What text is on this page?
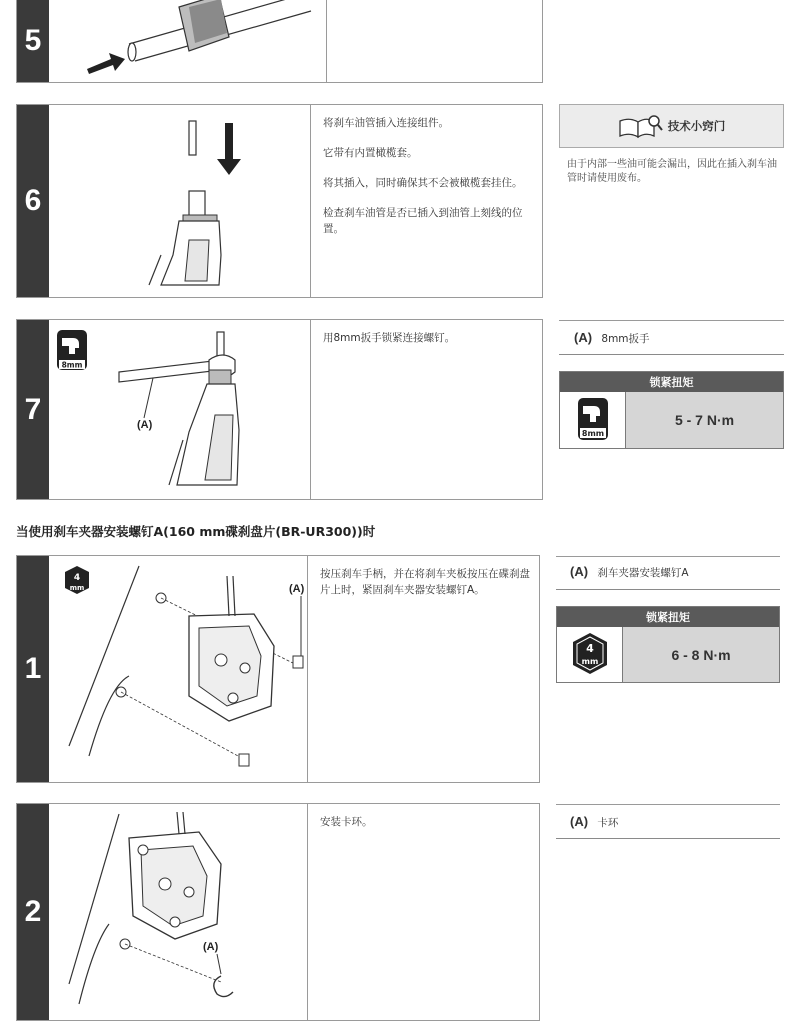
5
6

将刹车油管插入连接组件。

它带有内置橄榄套。

将其插入，同时确保其不会被橄榄套挂住。

检查刹车油管是否已插入到油管上刻线的位置。

技术小窍门
由于内部一些油可能会漏出，因此在插入刹车油管时请使用废布。
7
8mm
(A)

用8mm扳手锁紧连接螺钉。	(A) 8mm扳手
锁紧扭矩
8mm
5 - 7 N·m
当使用刹车夹器安装螺钉A(160 mm碟刹盘片(BR-UR300))时
1
4
mm	(A)

按压刹车手柄，并在将刹车夹板按压在碟刹盘片上时，紧固刹车夹器安装螺钉A。

(A) 刹车夹器安装螺钉A
锁紧扭矩
4
mm	6 - 8 N·m
2
(A)

安装卡环。	(A) 卡环
